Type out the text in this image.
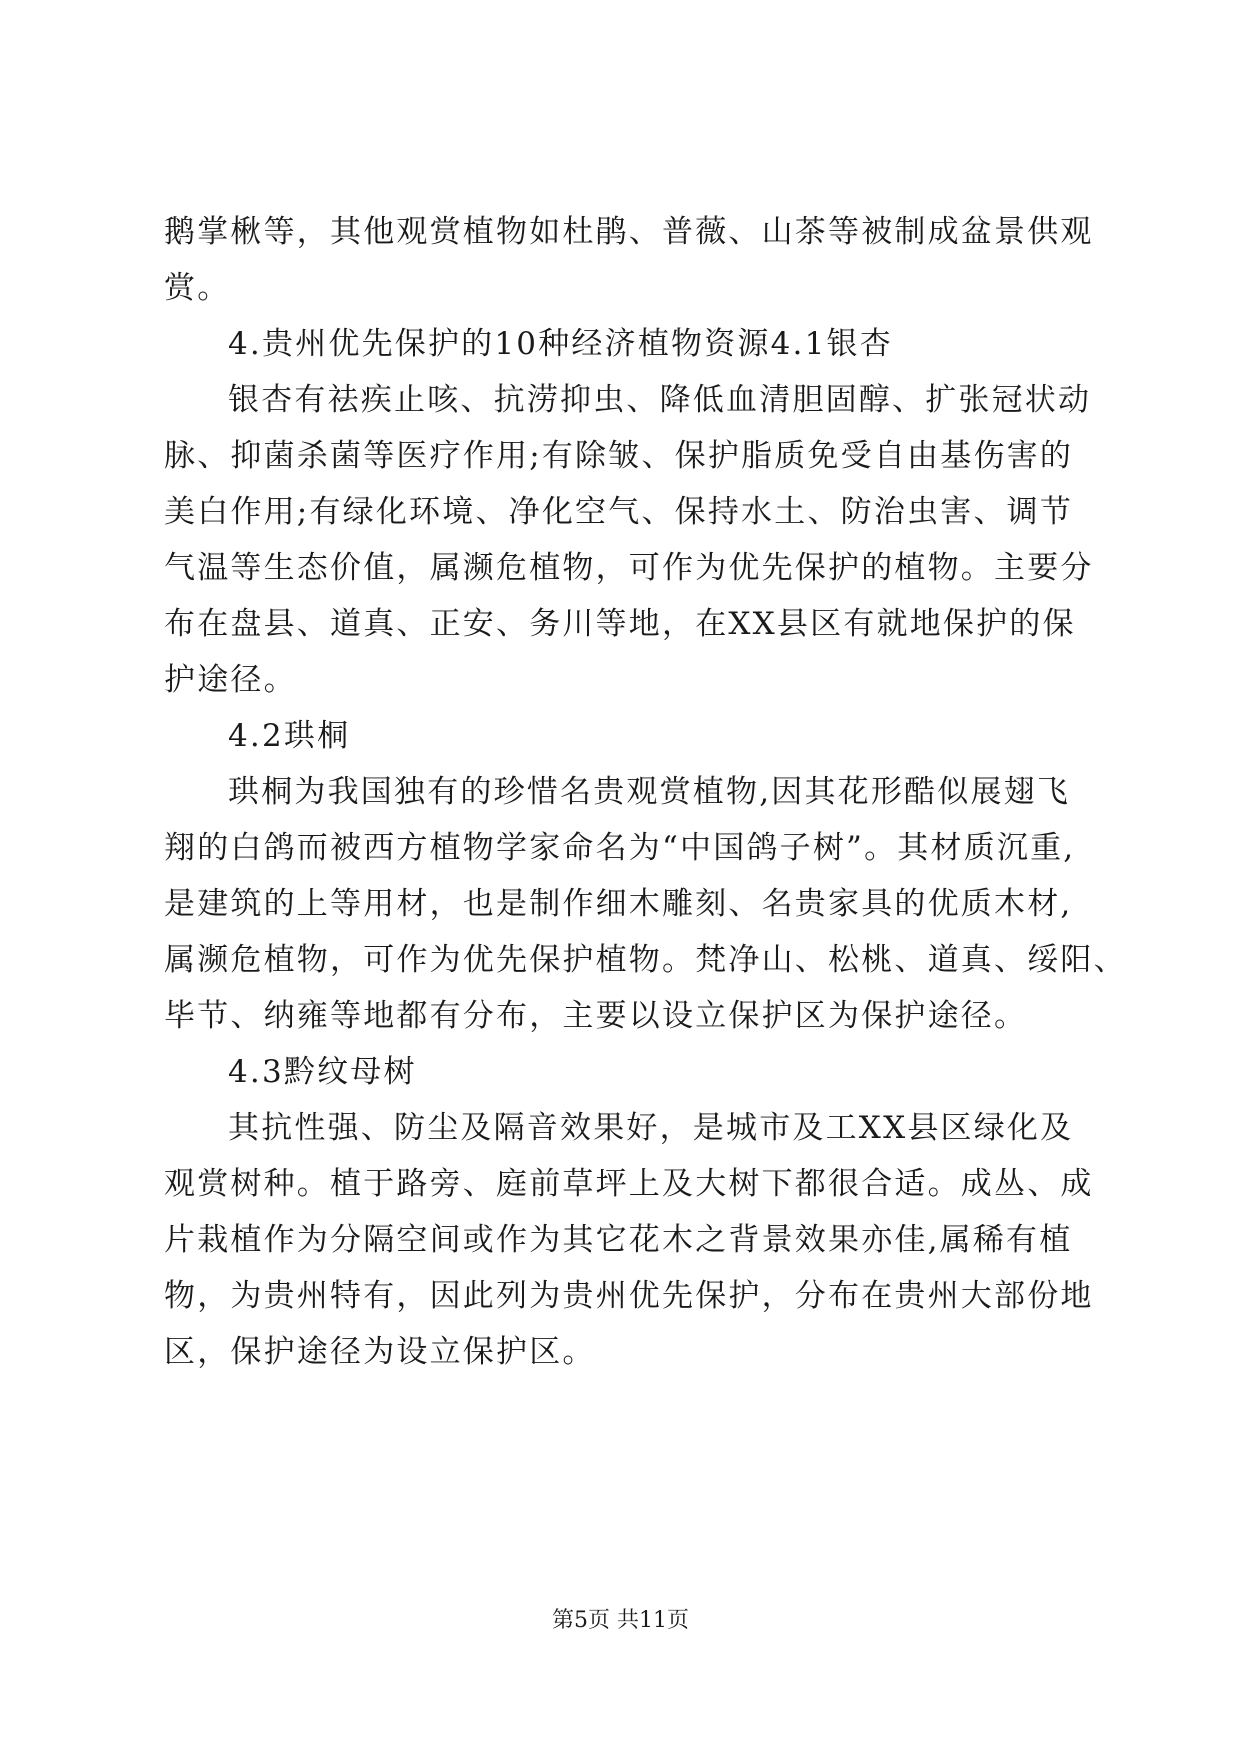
鹅掌楸等，其他观赏植物如杜鹃、普薇、山茶等被制成盆景供观
赏。
4.贵州优先保护的10种经济植物资源4.1银杏
银杏有祛疾止咳、抗涝抑虫、降低血清胆固醇、扩张冠状动
脉、抑菌杀菌等医疗作用;有除皱、保护脂质免受自由基伤害的
美白作用;有绿化环境、净化空气、保持水土、防治虫害、调节
气温等生态价值，属濒危植物，可作为优先保护的植物。主要分
布在盘县、道真、正安、务川等地，在XX县区有就地保护的保
护途径。
4.2珙桐
珙桐为我国独有的珍惜名贵观赏植物,因其花形酷似展翅飞
翔的白鸽而被西方植物学家命名为“中国鸽子树”。其材质沉重,
是建筑的上等用材，也是制作细木雕刻、名贵家具的优质木材,
属濒危植物，可作为优先保护植物。梵净山、松桃、道真、绥阳、
毕节、纳雍等地都有分布，主要以设立保护区为保护途径。
4.3黔纹母树
其抗性强、防尘及隔音效果好，是城市及工XX县区绿化及
观赏树种。植于路旁、庭前草坪上及大树下都很合适。成丛、成
片栽植作为分隔空间或作为其它花木之背景效果亦佳,属稀有植
物，为贵州特有，因此列为贵州优先保护，分布在贵州大部份地
区，保护途径为设立保护区。
第5页 共11页
